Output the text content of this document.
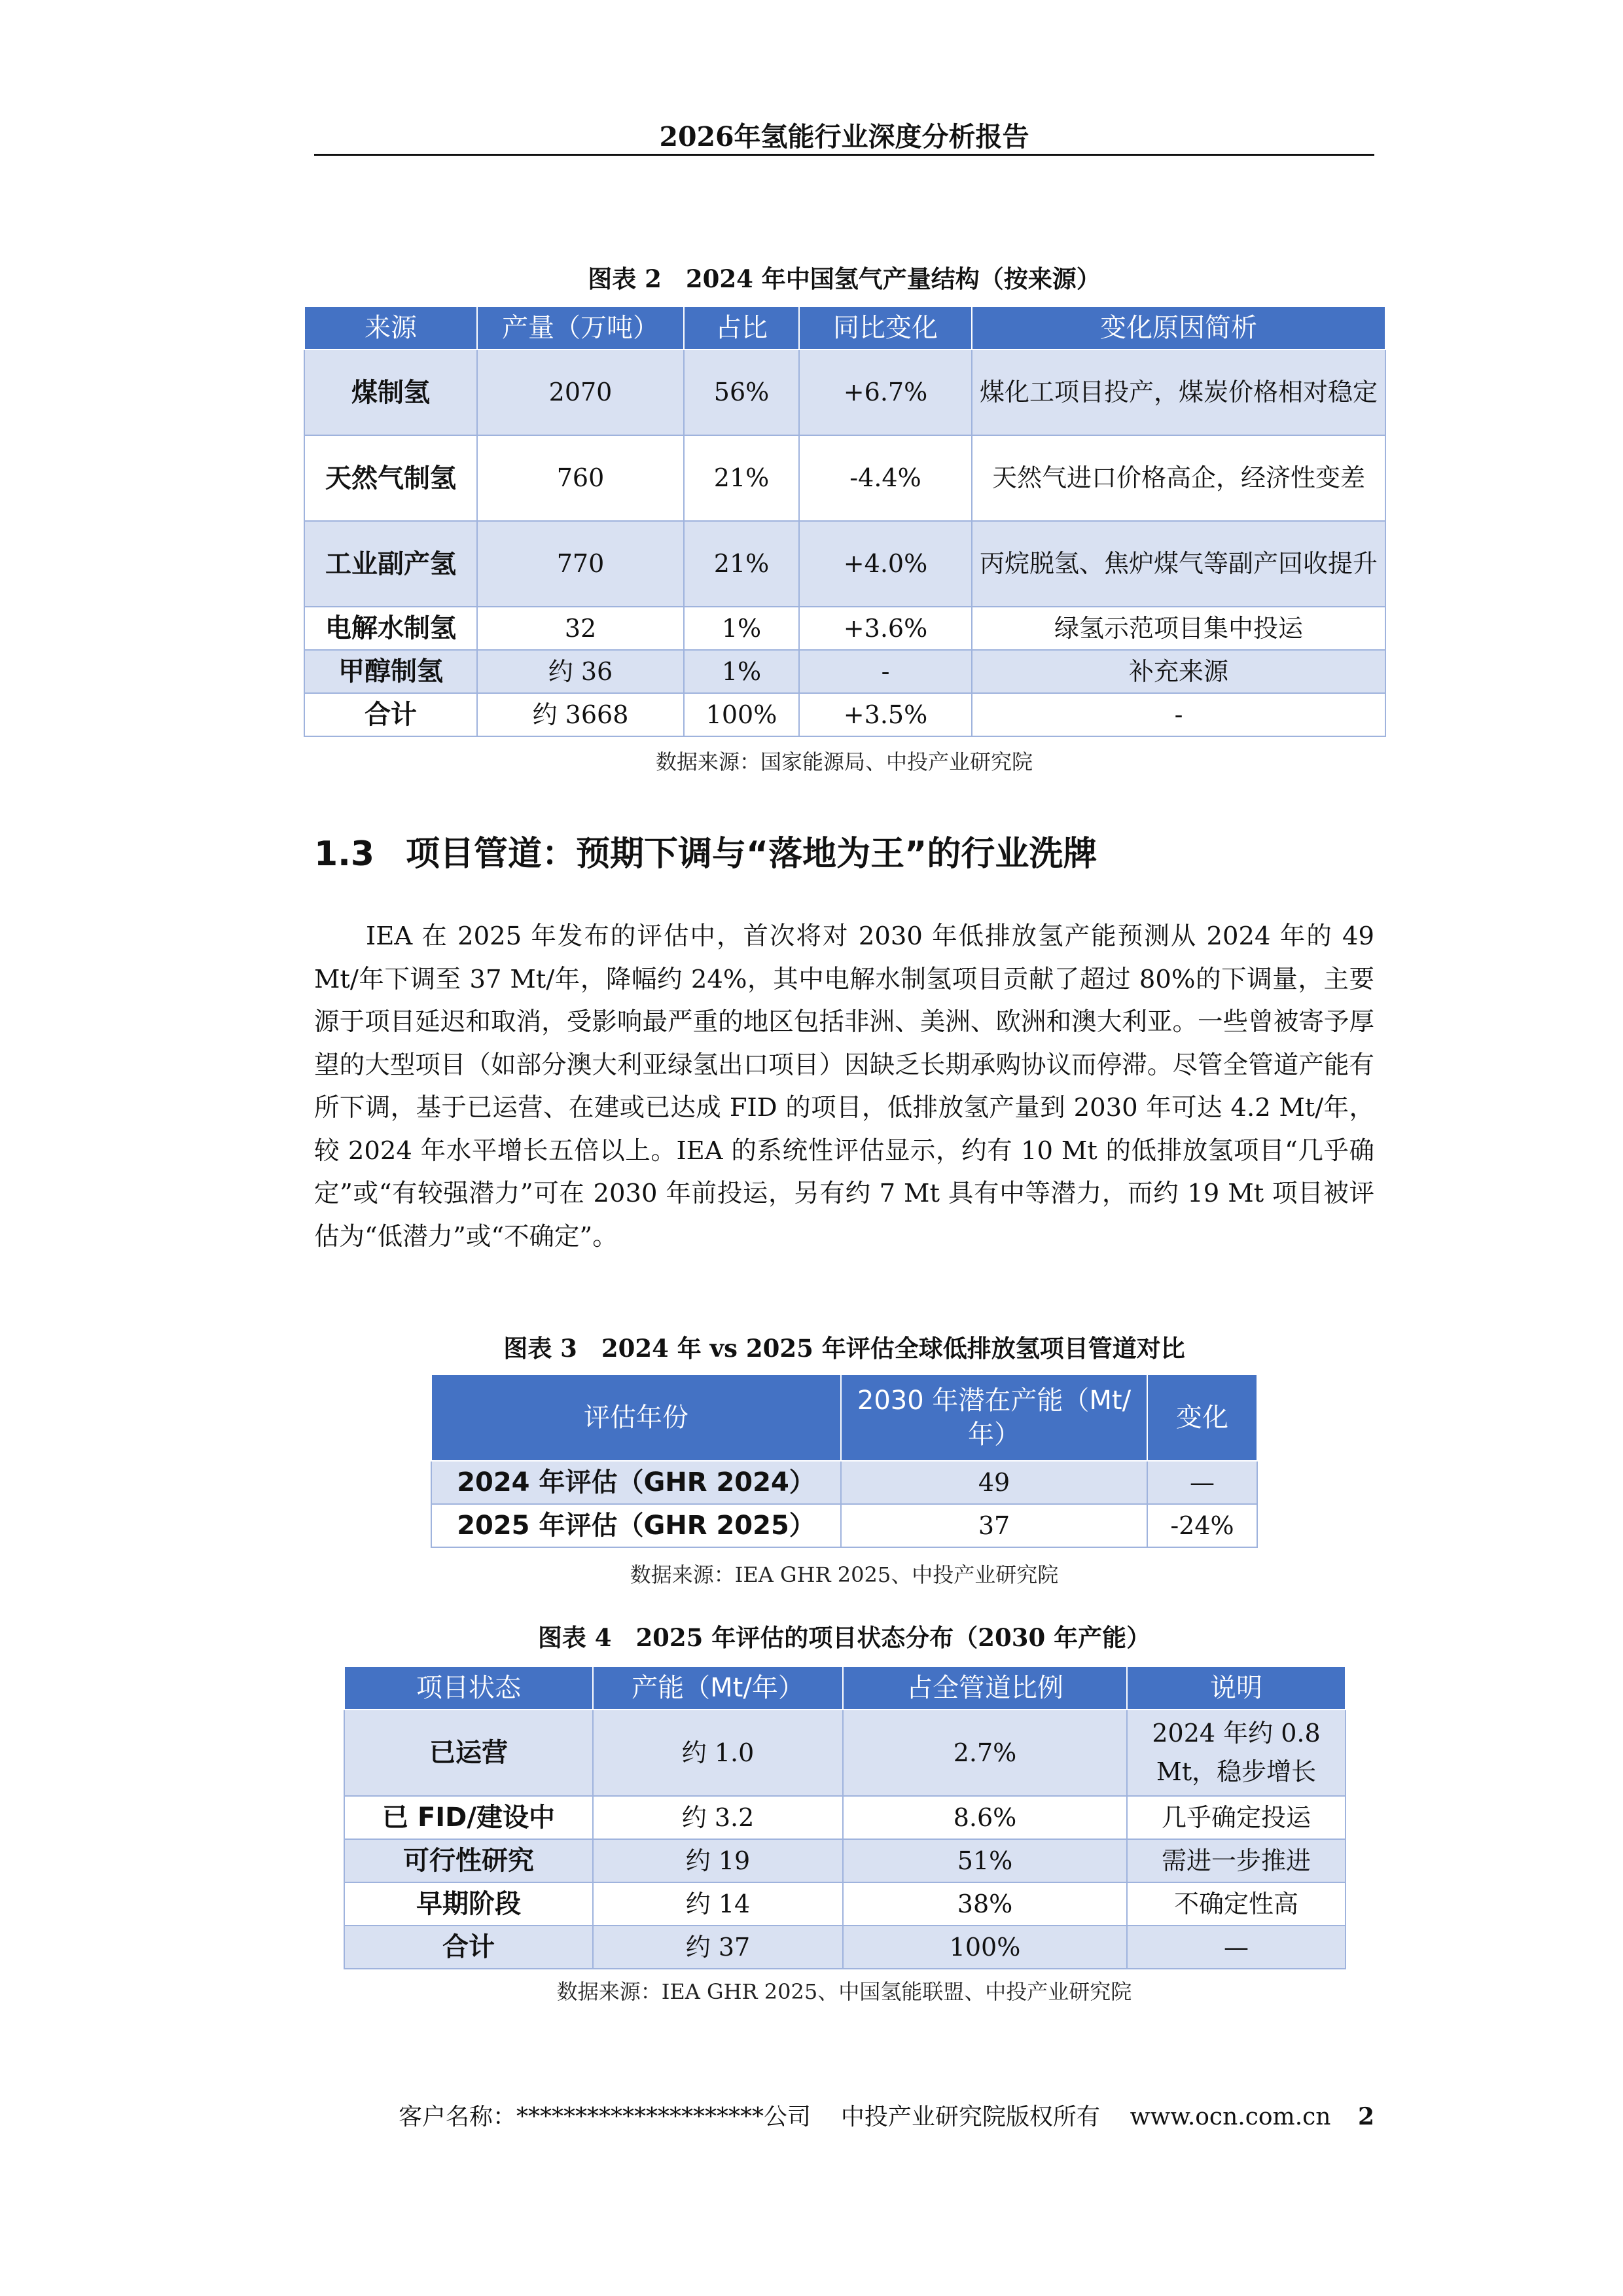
2026年氢能行业深度分析报告
图表 2　2024 年中国氢气产量结构（按来源）
来源	产量（万吨）	占比	同比变化	变化原因简析
煤制氢	2070	56%	+6.7%	煤化工项目投产，煤炭价格相对稳定
天然气制氢	760	21%	-4.4%	天然气进口价格高企，经济性变差
工业副产氢	770	21%	+4.0%	丙烷脱氢、焦炉煤气等副产回收提升
电解水制氢	32	1%	+3.6%	绿氢示范项目集中投运
甲醇制氢	约 36	1%	-	补充来源
合计	约 3668	100%	+3.5%	-
数据来源：国家能源局、中投产业研究院
1.3 项目管道：预期下调与“落地为王”的行业洗牌

IEA 在 2025 年发布的评估中，首次将对 2030 年低排放氢产能预测从 2024 年的 49 Mt/年下调至 37 Mt/年，降幅约 24%，其中电解水制氢项目贡献了超过 80%的下调量，主要源于项目延迟和取消，受影响最严重的地区包括非洲、美洲、欧洲和澳大利亚。一些曾被寄予厚望的大型项目（如部分澳大利亚绿氢出口项目）因缺乏长期承购协议而停滞。尽管全管道产能有所下调，基于已运营、在建或已达成 FID 的项目，低排放氢产量到 2030 年可达 4.2 Mt/年，较 2024 年水平增长五倍以上。IEA 的系统性评估显示，约有 10 Mt 的低排放氢项目“几乎确定”或“有较强潜力”可在 2030 年前投运，另有约 7 Mt 具有中等潜力，而约 19 Mt 项目被评估为“低潜力”或“不确定”。

图表 3　2024 年 vs 2025 年评估全球低排放氢项目管道对比
评估年份	2030 年潜在产能（Mt/年）	变化
2024 年评估（GHR 2024）	49	—
2025 年评估（GHR 2025）	37	-24%
数据来源：IEA GHR 2025、中投产业研究院
图表 4　2025 年评估的项目状态分布（2030 年产能）
项目状态	产能（Mt/年）	占全管道比例	说明
已运营	约 1.0	2.7%	2024 年约 0.8 Mt，稳步增长
已 FID/建设中	约 3.2	8.6%	几乎确定投运
可行性研究	约 19	51%	需进一步推进
早期阶段	约 14	38%	不确定性高
合计	约 37	100%	—
数据来源：IEA GHR 2025、中国氢能联盟、中投产业研究院
客户名称：*********************公司 中投产业研究院版权所有 www.ocn.com.cn 2
